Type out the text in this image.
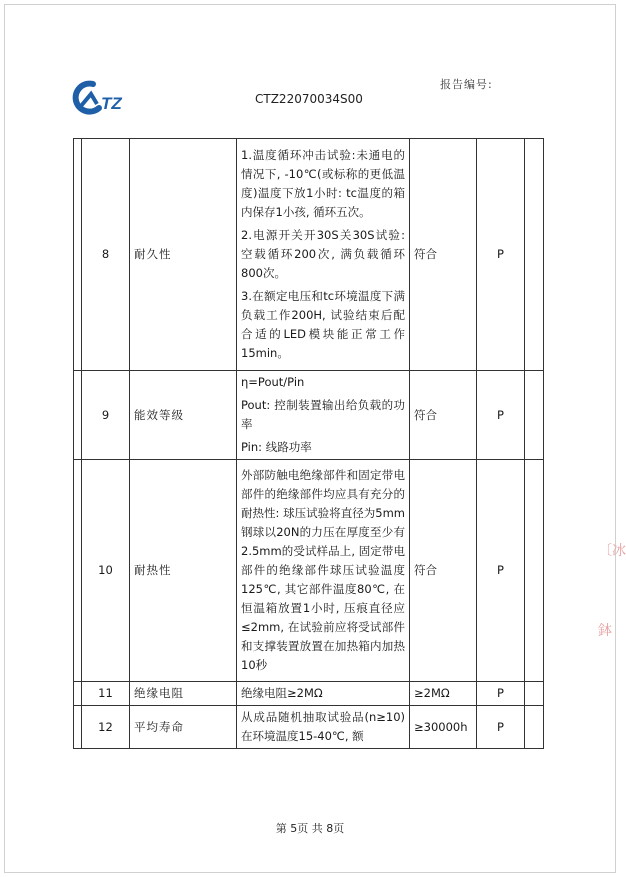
TZ
报告编号:
CTZ22070034S00
	8	耐久性	1.温度循环冲击试验:未通电的情况下, -10℃(或标称的更低温度)温度下放1小时: tc温度的箱内保存1小孩, 循环五次。

2.电源开关开30S关30S试验: 空载循环200次, 满负载循环800次。

3.在额定电压和tc环境温度下满负载工作200H, 试验结束后配合适的LED模块能正常工作15min。	符合	P	
	9	能效等级	η=Pout/Pin

Pout: 控制装置输出给负载的功率

Pin: 线路功率	符合	P	
	10	耐热性	外部防触电绝缘部件和固定带电部件的绝缘部件均应具有充分的耐热性: 球压试验将直径为5mm钢球以20N的力压在厚度至少有2.5mm的受试样品上, 固定带电部件的绝缘部件球压试验温度125℃, 其它部件温度80℃, 在恒温箱放置1小时, 压痕直径应≤2mm, 在试验前应将受试部件和支撑装置放置在加热箱内加热10秒	符合	P	
	11	绝缘电阻	绝缘电阻≥2MΩ	≥2MΩ	P	
	12	平均寿命	从成品随机抽取试验品(n≥10)在环境温度15-40℃, 额	≥30000h	P	
〔冰
鉢
第 5页 共 8页
